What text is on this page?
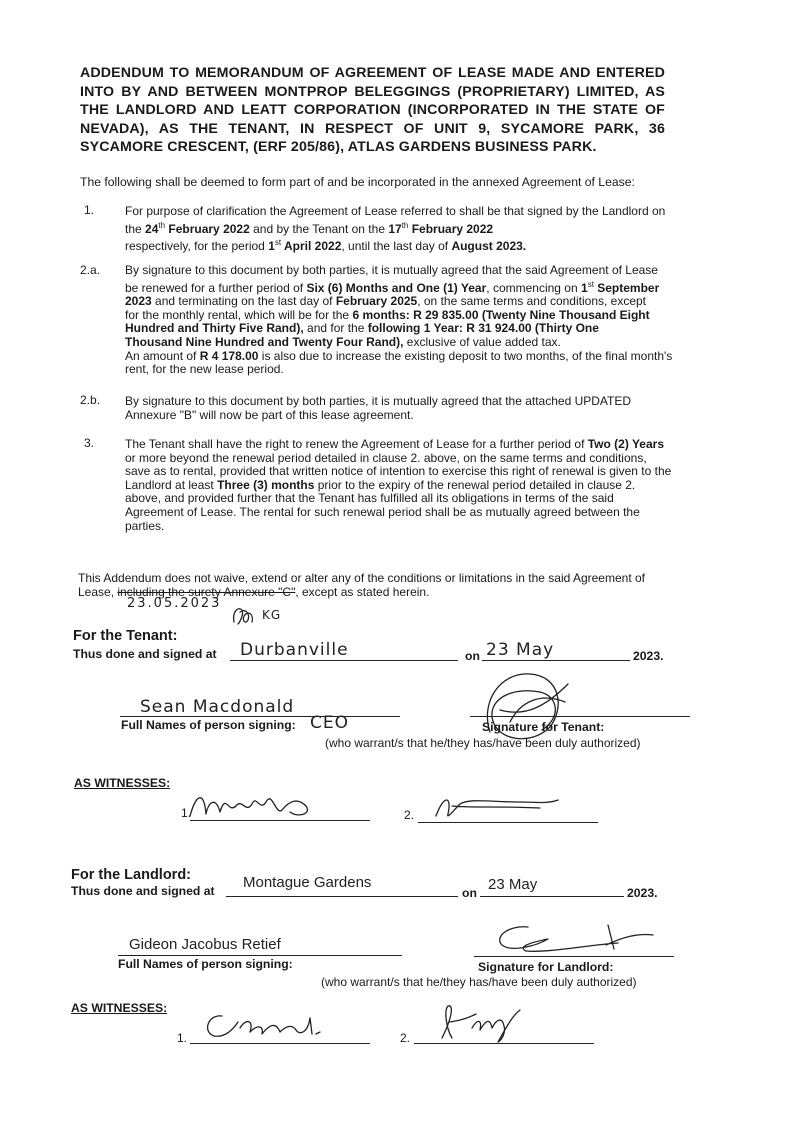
ADDENDUM TO MEMORANDUM OF AGREEMENT OF LEASE MADE AND ENTERED
INTO BY AND BETWEEN MONTPROP BELEGGINGS (PROPRIETARY) LIMITED, AS
THE LANDLORD AND LEATT CORPORATION (INCORPORATED IN THE STATE OF
NEVADA), AS THE TENANT, IN RESPECT OF UNIT 9, SYCAMORE PARK, 36
SYCAMORE CRESCENT, (ERF 205/86), ATLAS GARDENS BUSINESS PARK.
The following shall be deemed to form part of and be incorporated in the annexed Agreement of Lease:
1.	For purpose of clarification the Agreement of Lease referred to shall be that signed by the Landlord on
the 24th February 2022 and by the Tenant on the 17th February 2022
respectively, for the period 1st April 2022, until the last day of August 2023.
2.a. By signature to this document by both parties, it is mutually agreed that the said Agreement of Lease
be renewed for a further period of Six (6) Months and One (1) Year, commencing on 1st September
2023 and terminating on the last day of February 2025, on the same terms and conditions, except
for the monthly rental, which will be for the 6 months: R 29 835.00 (Twenty Nine Thousand Eight
Hundred and Thirty Five Rand), and for the following 1 Year: R 31 924.00 (Thirty One
Thousand Nine Hundred and Twenty Four Rand), exclusive of value added tax.
An amount of R 4 178.00 is also due to increase the existing deposit to two months, of the final month's
rent, for the new lease period.
2.b. By signature to this document by both parties, it is mutually agreed that the attached UPDATED
Annexure "B" will now be part of this lease agreement.
3.	The Tenant shall have the right to renew the Agreement of Lease for a further period of Two (2) Years
or more beyond the renewal period detailed in clause 2. above, on the same terms and conditions,
save as to rental, provided that written notice of intention to exercise this right of renewal is given to the
Landlord at least Three (3) months prior to the expiry of the renewal period detailed in clause 2.
above, and provided further that the Tenant has fulfilled all its obligations in terms of the said
Agreement of Lease. The rental for such renewal period shall be as mutually agreed between the
parties.
This Addendum does not waive, extend or alter any of the conditions or limitations in the said Agreement of
Lease, including the surety Annexure "C", except as stated herein.
23.05.2023
KG
For the Tenant:
Thus done and signed at Durbanville	on 23 May	2023.
Sean Macdonald
Full Names of person signing: CEO	Signature for Tenant:
(who warrant/s that he/they has/have been duly authorized)
AS WITNESSES:
1.	2.
For the Landlord:
Thus done and signed at Montague Gardens
on 23 May	2023.
Gideon Jacobus Retief
Full Names of person signing:	Signature for Landlord:
(who warrant/s that he/they has/have been duly authorized)
AS WITNESSES:
1.	2.
